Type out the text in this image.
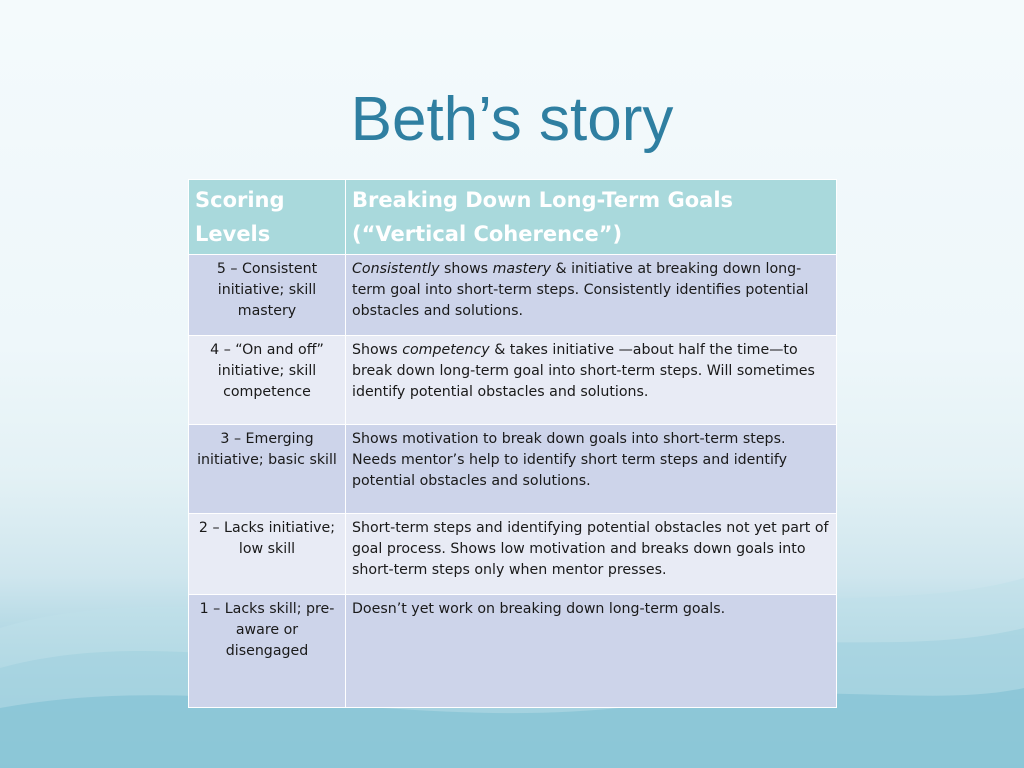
Beth’s story
Scoring Levels	Breaking Down Long-Term Goals (“Vertical Coherence”)
5 – Consistent initiative; skill mastery	Consistently shows mastery & initiative at breaking down long-term goal into short-term steps. Consistently identifies potential obstacles and solutions.
4 – “On and off” initiative; skill competence	Shows competency & takes initiative —about half the time—to break down long-term goal into short-term steps. Will sometimes identify potential obstacles and solutions.
3 – Emerging initiative; basic skill	Shows motivation to break down goals into short-term steps. Needs mentor’s help to identify short term steps and identify potential obstacles and solutions.
2 – Lacks initiative; low skill	Short-term steps and identifying potential obstacles not yet part of goal process. Shows low motivation and breaks down goals into short-term steps only when mentor presses.
1 – Lacks skill; pre-aware or disengaged	Doesn’t yet work on breaking down long-term goals.
